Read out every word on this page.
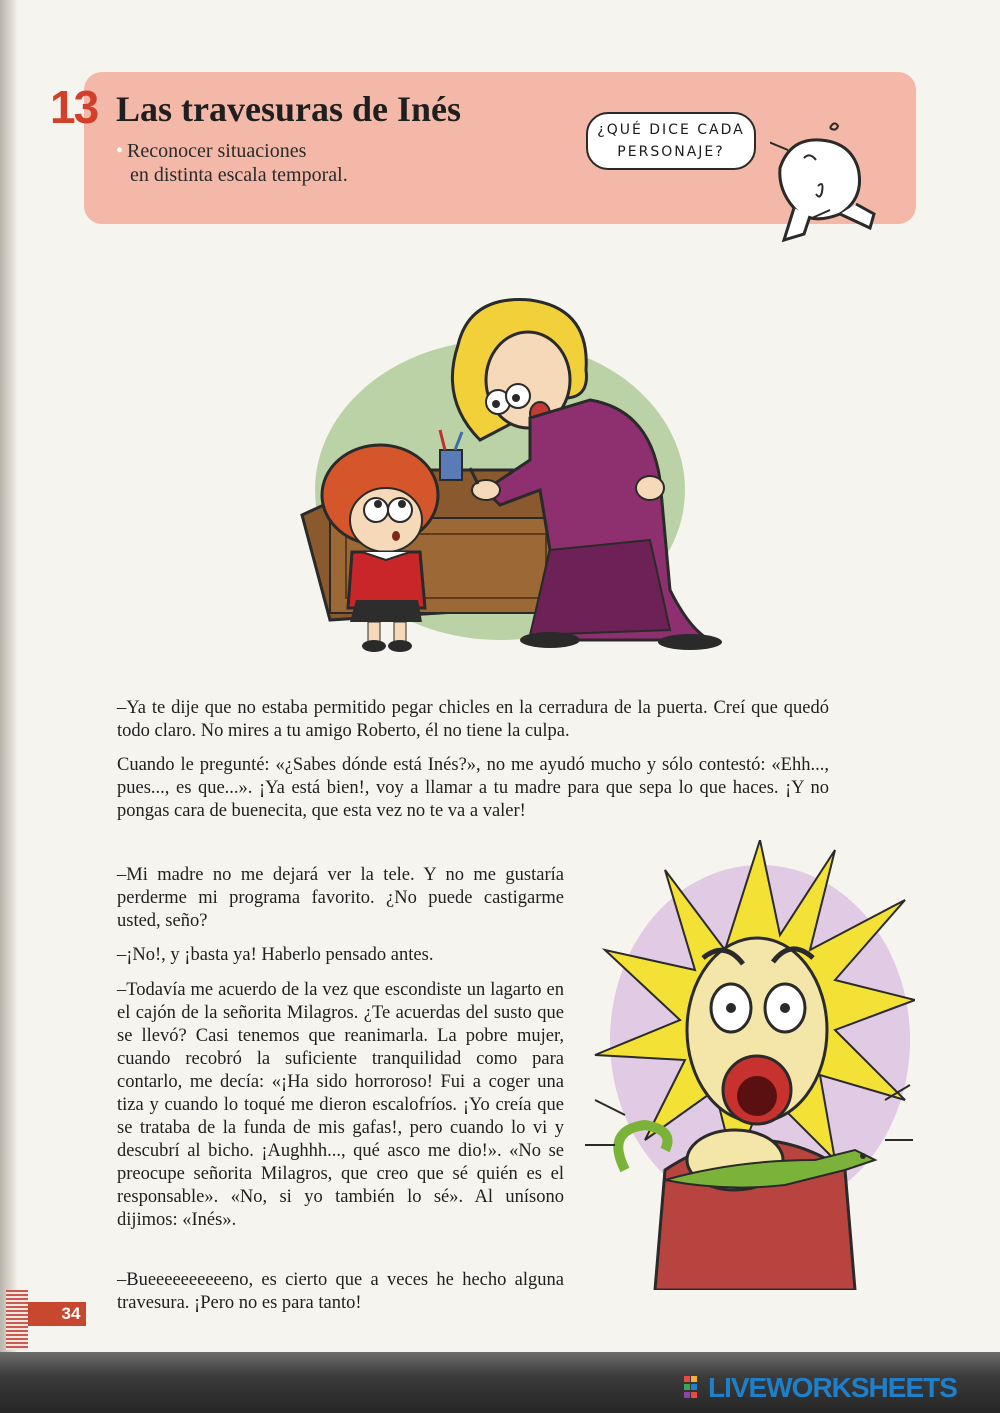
13 Las travesuras de Inés
• Reconocer situaciones
en distinta escala temporal.
¿QUÉ DICE CADA
PERSONAJE?

–Ya te dije que no estaba permitido pegar chicles en la cerradura de la puerta. Creí que quedó todo claro. No mires a tu amigo Roberto, él no tiene la culpa.

Cuando le pregunté: «¿Sabes dónde está Inés?», no me ayudó mucho y sólo contestó: «Ehh..., pues..., es que...». ¡Ya está bien!, voy a llamar a tu madre para que sepa lo que haces. ¡Y no pongas cara de buenecita, que esta vez no te va a valer!

–Mi madre no me dejará ver la tele. Y no me gustaría perderme mi programa favorito. ¿No puede castigarme usted, seño?

–¡No!, y ¡basta ya! Haberlo pensado antes.

–Todavía me acuerdo de la vez que escondiste un lagarto en el cajón de la señorita Milagros. ¿Te acuerdas del susto que se llevó? Casi tenemos que reanimarla. La pobre mujer, cuando recobró la suficiente tranquilidad como para contarlo, me decía: «¡Ha sido horroroso! Fui a coger una tiza y cuando lo toqué me dieron escalofríos. ¡Yo creía que se trataba de la funda de mis gafas!, pero cuando lo vi y descubrí al bicho. ¡Aughhh..., qué asco me dio!». «No se preocupe señorita Milagros, que creo que sé quién es el responsable». «No, si yo también lo sé». Al unísono dijimos: «Inés».

–Bueeeeeeeeeeno, es cierto que a veces he hecho alguna travesura. ¡Pero no es para tanto!

34
LIVEWORKSHEETS
